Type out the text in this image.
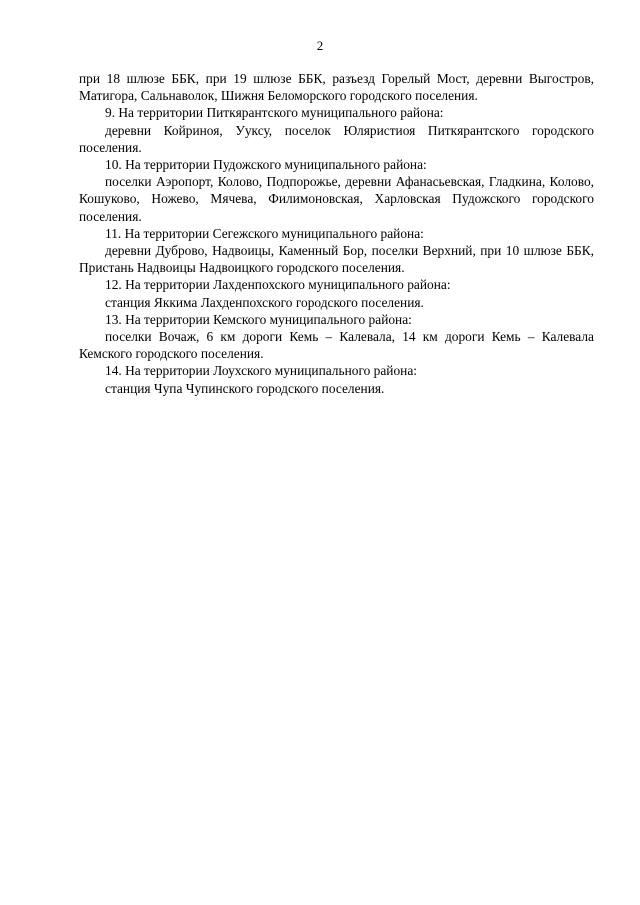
2

при 18 шлюзе ББК, при 19 шлюзе ББК, разъезд Горелый Мост, деревни Выгостров, Матигора, Сальнаволок, Шижня Беломорского городского поселения.

9. На территории Питкярантского муниципального района:

деревни Койриноя, Ууксу, поселок Юляристиоя Питкярантского городского поселения.

10. На территории Пудожского муниципального района:

поселки Аэропорт, Колово, Подпорожье, деревни Афанасьевская, Гладкина, Колово, Кошуково, Ножево, Мячева, Филимоновская, Харловская Пудожского городского поселения.

11. На территории Сегежского муниципального района:

деревни Дуброво, Надвоицы, Каменный Бор, поселки Верхний, при 10 шлюзе ББК, Пристань Надвоицы Надвоицкого городского поселения.

12. На территории Лахденпохского муниципального района:

станция Яккима Лахденпохского городского поселения.

13. На территории Кемского муниципального района:

поселки Вочаж, 6 км дороги Кемь – Калевала, 14 км дороги Кемь – Калевала Кемского городского поселения.

14. На территории Лоухского муниципального района:

станция Чупа Чупинского городского поселения.
